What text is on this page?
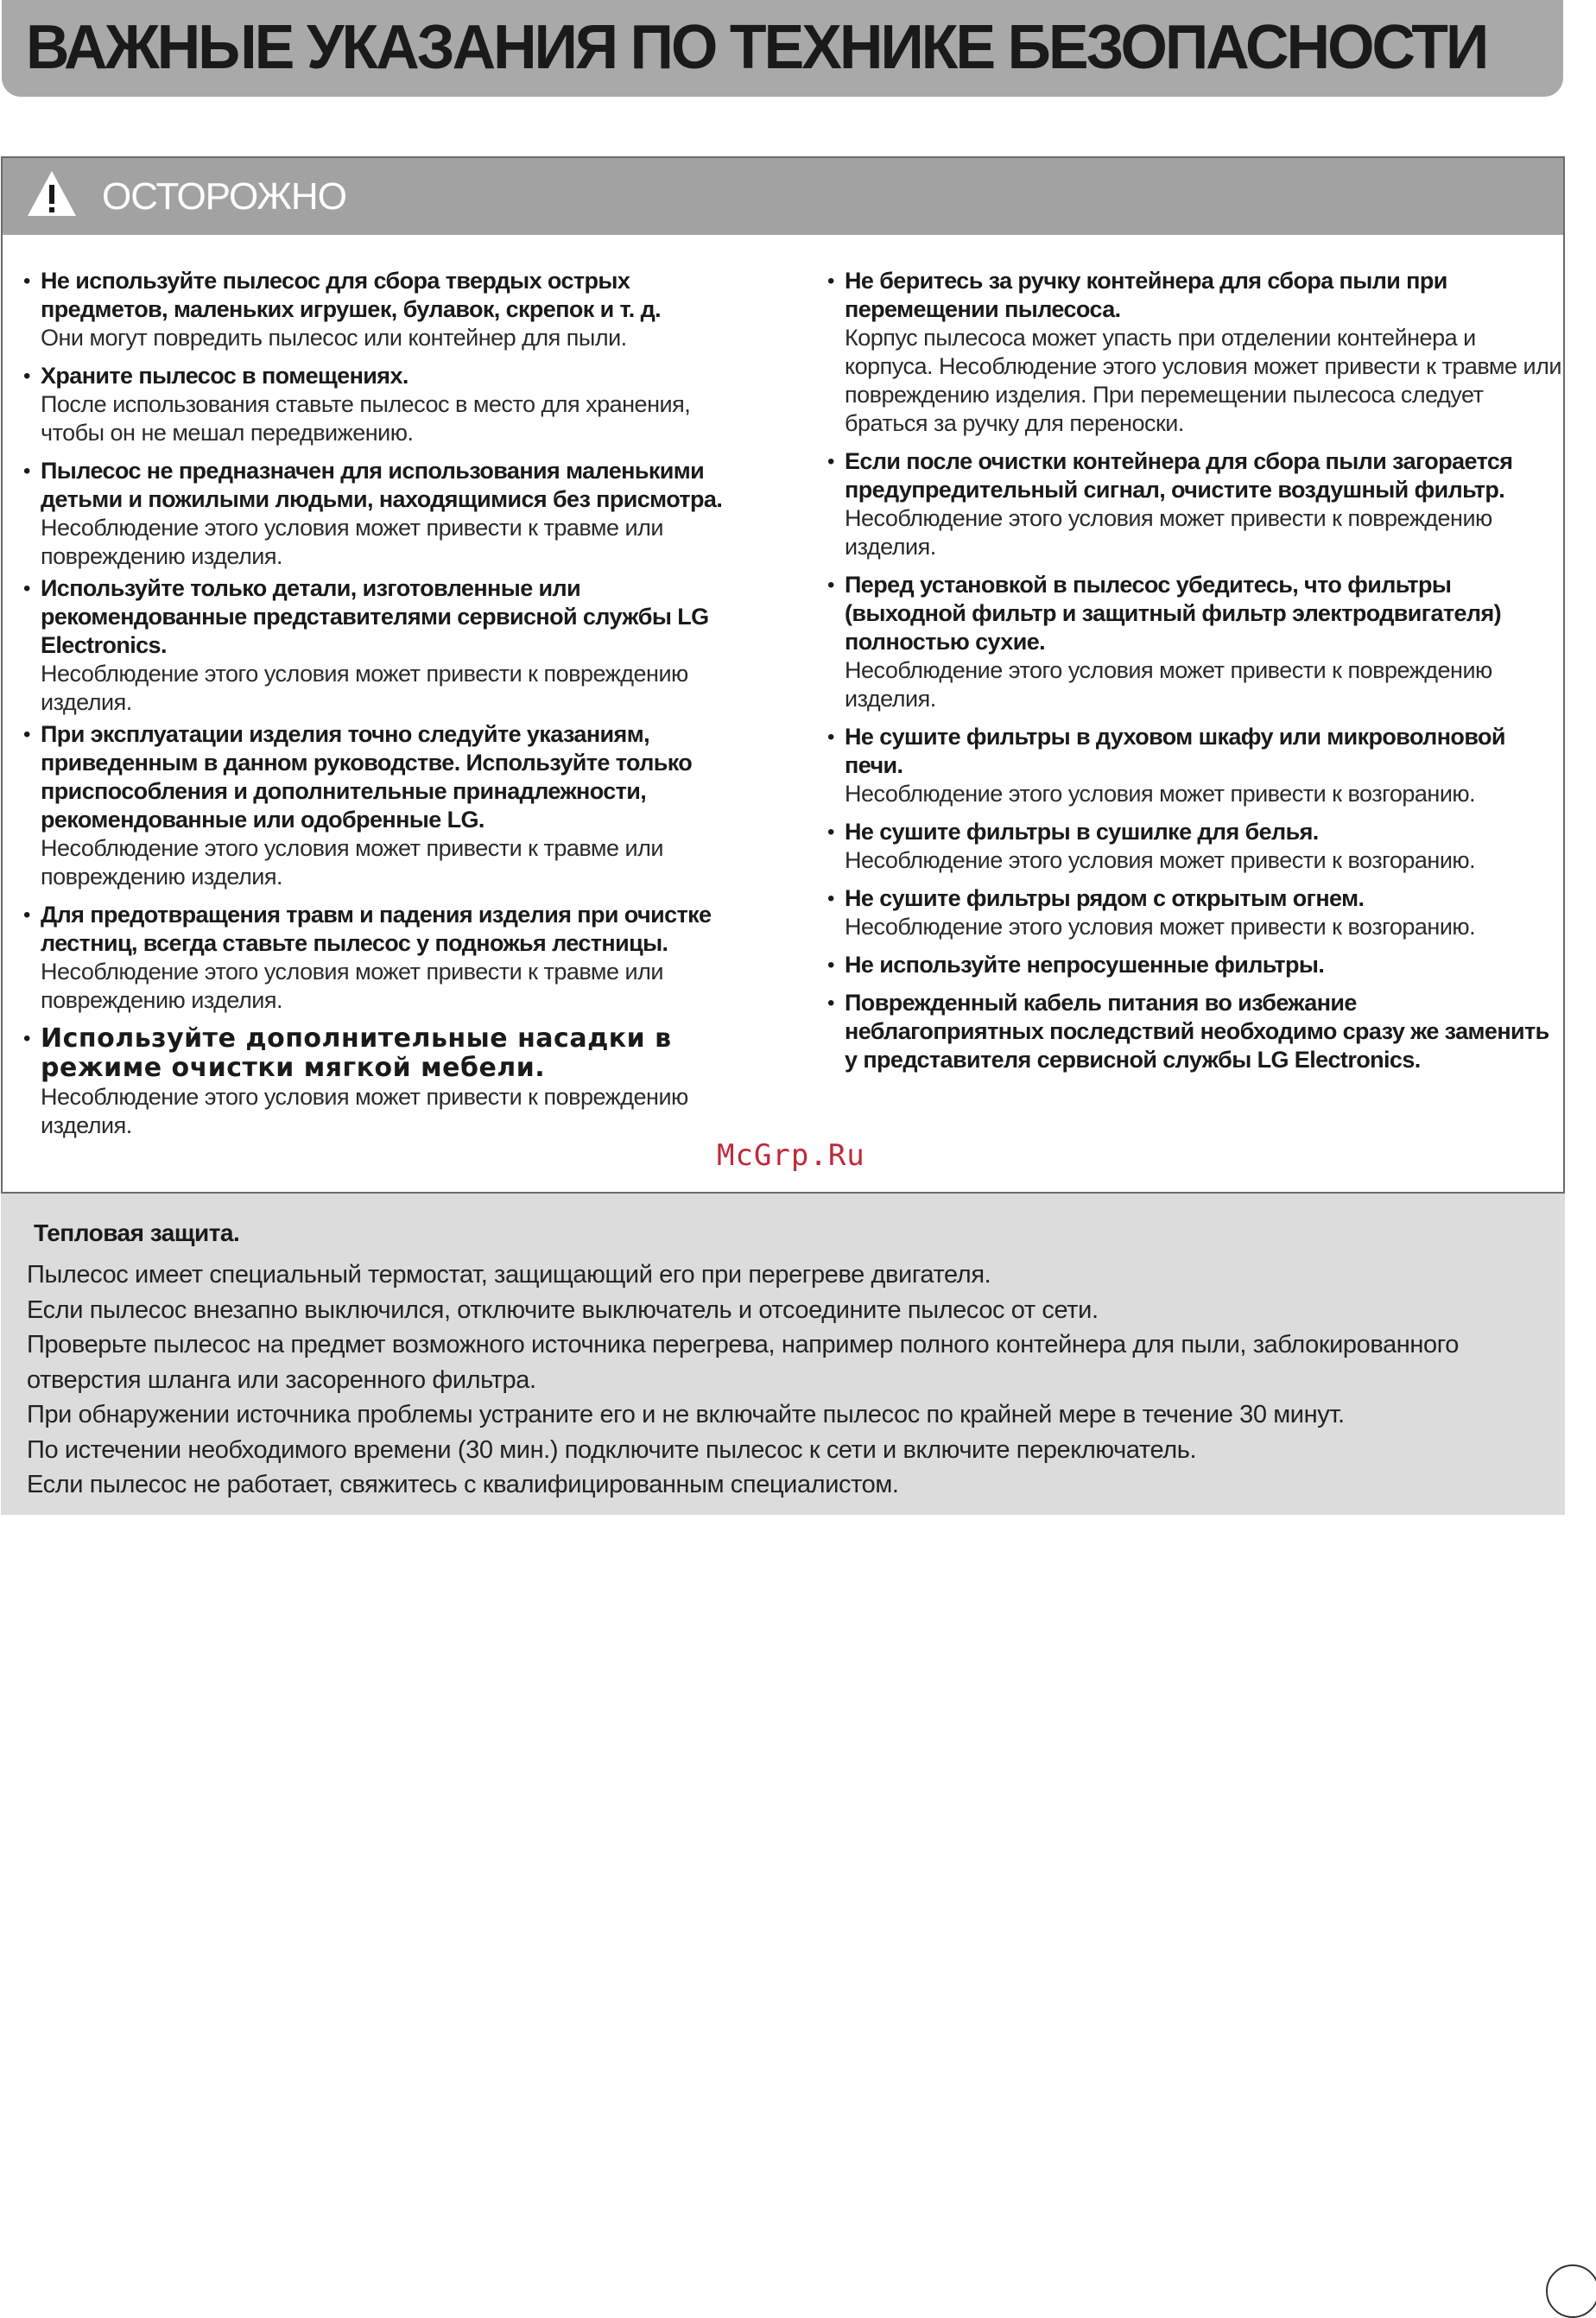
ВАЖНЫЕ УКАЗАНИЯ ПО ТЕХНИКЕ БЕЗОПАСНОСТИ
ОСТОРОЖНО
• Не используйте пылесос для сбора твердых острых предметов, маленьких игрушек, булавок, скрепок и т. д.
Они могут повредить пылесос или контейнер для пыли.
• Храните пылесос в помещениях.
После использования ставьте пылесос в место для хранения, чтобы он не мешал передвижению.
• Пылесос не предназначен для использования маленькими детьми и пожилыми людьми, находящимися без присмотра.
Несоблюдение этого условия может привести к травме или повреждению изделия.
• Используйте только детали, изготовленные или рекомендованные представителями сервисной службы LG Electronics.
Несоблюдение этого условия может привести к повреждению изделия.
• При эксплуатации изделия точно следуйте указаниям, приведенным в данном руководстве. Используйте только приспособления и дополнительные принадлежности, рекомендованные или одобренные LG.
Несоблюдение этого условия может привести к травме или повреждению изделия.
• Для предотвращения травм и падения изделия при очистке лестниц, всегда ставьте пылесос у подножья лестницы.
Несоблюдение этого условия может привести к травме или повреждению изделия.
• Используйте дополнительные насадки в режиме очистки мягкой мебели.
Несоблюдение этого условия может привести к повреждению изделия.
• Не беритесь за ручку контейнера для сбора пыли при перемещении пылесоса.
Корпус пылесоса может упасть при отделении контейнера и корпуса. Несоблюдение этого условия может привести к травме или повреждению изделия. При перемещении пылесоса следует браться за ручку для переноски.
• Если после очистки контейнера для сбора пыли загорается предупредительный сигнал, очистите воздушный фильтр.
Несоблюдение этого условия может привести к повреждению изделия.
• Перед установкой в пылесос убедитесь, что фильтры (выходной фильтр и защитный фильтр электродвигателя) полностью сухие.
Несоблюдение этого условия может привести к повреждению изделия.
• Не сушите фильтры в духовом шкафу или микроволновой печи.
Несоблюдение этого условия может привести к возгоранию.
• Не сушите фильтры в сушилке для белья.
Несоблюдение этого условия может привести к возгоранию.
• Не сушите фильтры рядом с открытым огнем.
Несоблюдение этого условия может привести к возгоранию.
• Не используйте непросушенные фильтры.
• Поврежденный кабель питания во избежание неблагоприятных последствий необходимо сразу же заменить у представителя сервисной службы LG Electronics.
McGrp.Ru
Тепловая защита.

Пылесос имеет специальный термостат, защищающий его при перегреве двигателя.

Если пылесос внезапно выключился, отключите выключатель и отсоедините пылесос от сети.

Проверьте пылесос на предмет возможного источника перегрева, например полного контейнера для пыли, заблокированного отверстия шланга или засоренного фильтра.

При обнаружении источника проблемы устраните его и не включайте пылесос по крайней мере в течение 30 минут.

По истечении необходимого времени (30 мин.) подключите пылесос к сети и включите переключатель.

Если пылесос не работает, свяжитесь с квалифицированным специалистом.
